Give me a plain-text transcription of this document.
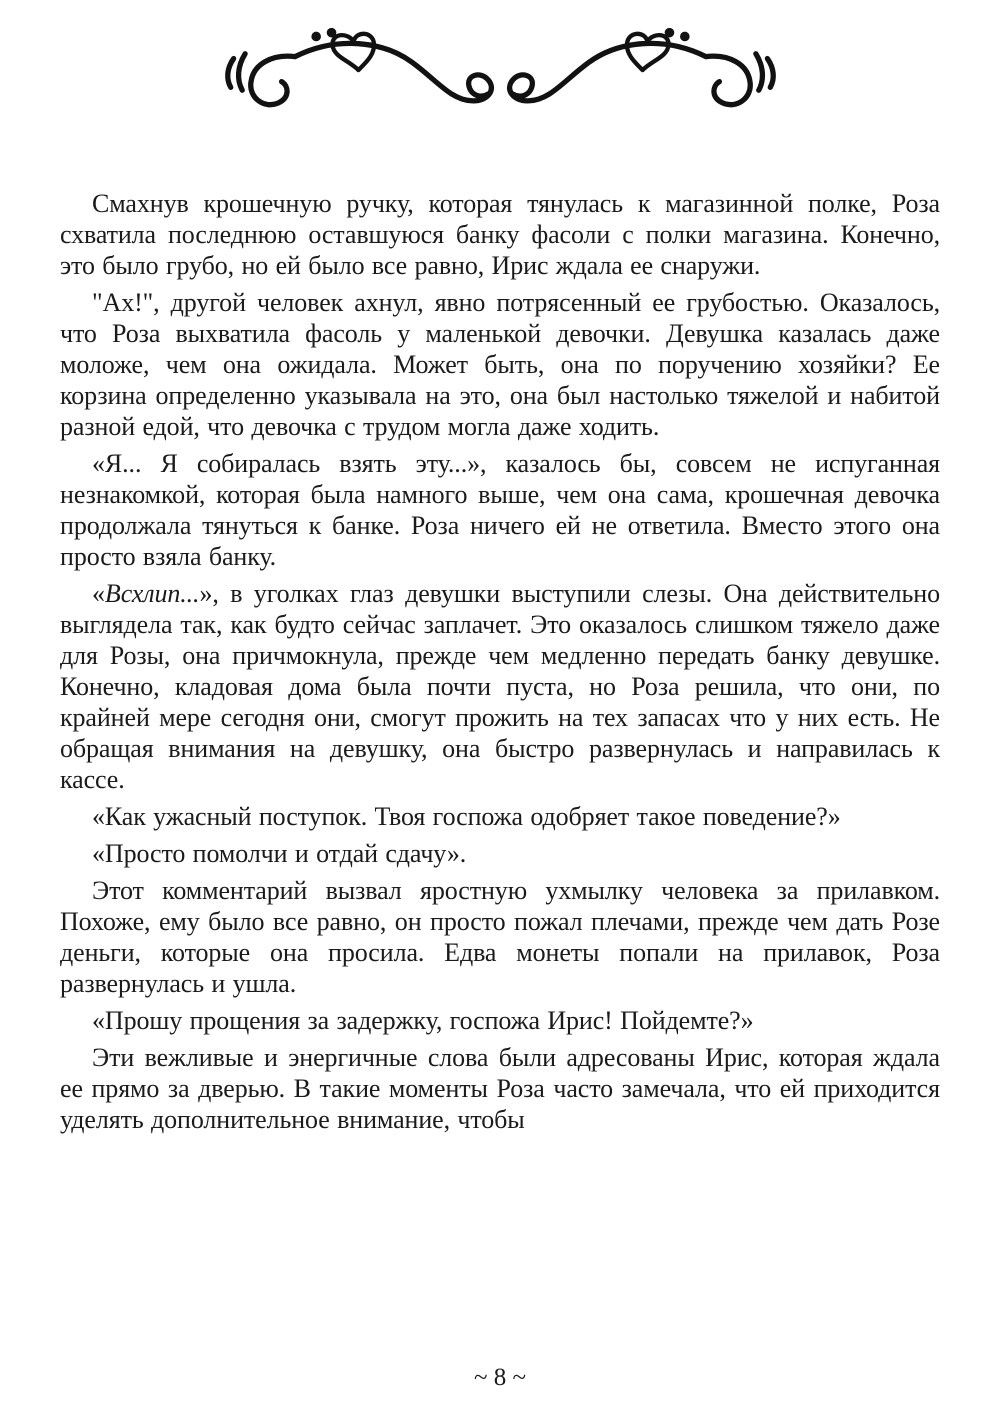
Смахнув крошечную ручку, которая тянулась к магазинной полке, Роза схватила последнюю оставшуюся банку фасоли с полки магазина. Конечно, это было грубо, но ей было все равно, Ирис ждала ее снаружи.

"Ах!", другой человек ахнул, явно потрясенный ее грубостью. Оказалось, что Роза выхватила фасоль у маленькой девочки. Девушка казалась даже моложе, чем она ожидала. Может быть, она по поручению хозяйки? Ее корзина определенно указывала на это, она был настолько тяжелой и набитой разной едой, что девочка с трудом могла даже ходить.

«Я... Я собиралась взять эту...», казалось бы, совсем не испуганная незнакомкой, которая была намного выше, чем она сама, крошечная девочка продолжала тянуться к банке. Роза ничего ей не ответила. Вместо этого она просто взяла банку.

«Всхлип...», в уголках глаз девушки выступили слезы. Она действительно выглядела так, как будто сейчас заплачет. Это оказалось слишком тяжело даже для Розы, она причмокнула, прежде чем медленно передать банку девушке. Конечно, кладовая дома была почти пуста, но Роза решила, что они, по крайней мере сегодня они, смогут прожить на тех запасах что у них есть. Не обращая внимания на девушку, она быстро развернулась и направилась к кассе.

«Как ужасный поступок. Твоя госпожа одобряет такое поведение?»

«Просто помолчи и отдай сдачу».

Этот комментарий вызвал яростную ухмылку человека за прилавком. Похоже, ему было все равно, он просто пожал плечами, прежде чем дать Розе деньги, которые она просила. Едва монеты попали на прилавок, Роза развернулась и ушла.

«Прошу прощения за задержку, госпожа Ирис! Пойдемте?»

Эти вежливые и энергичные слова были адресованы Ирис, которая ждала ее прямо за дверью. В такие моменты Роза часто замечала, что ей приходится уделять дополнительное внимание, чтобы

~ 8 ~
